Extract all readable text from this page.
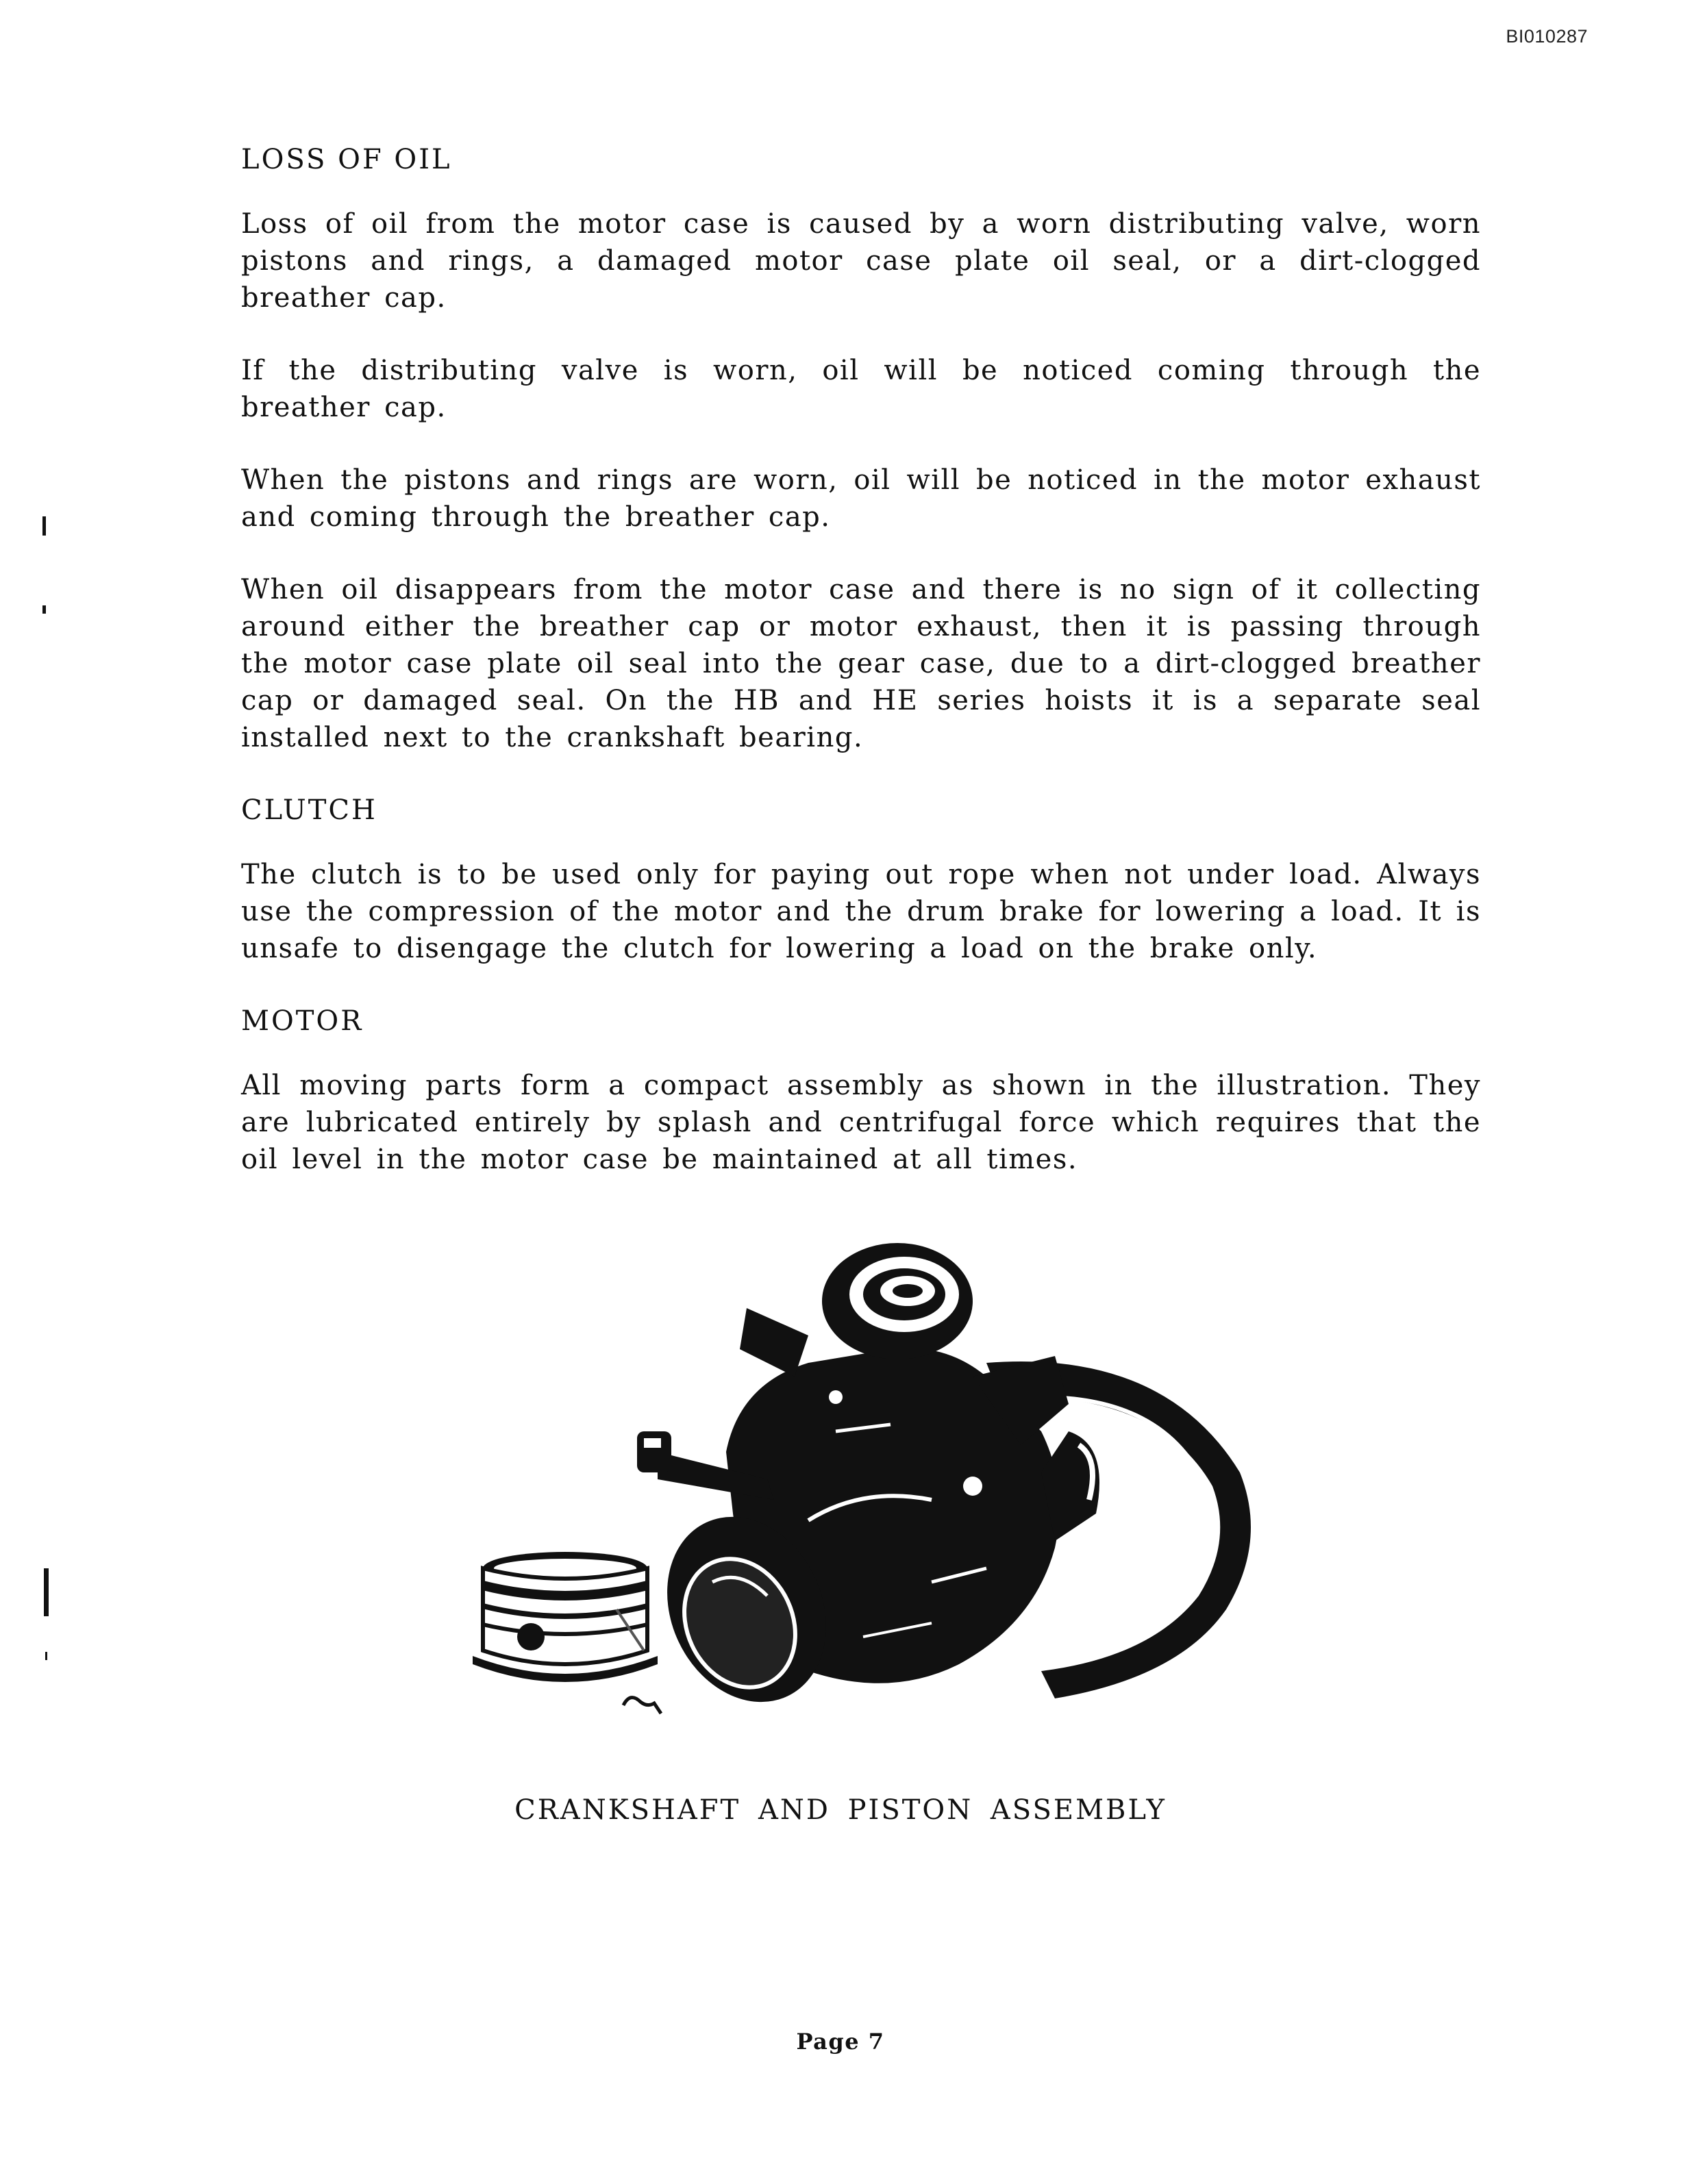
BI010287
LOSS OF OIL

Loss of oil from the motor case is caused by a worn distributing valve, worn pistons and rings, a damaged motor case plate oil seal, or a dirt-clogged breather cap.

If the distributing valve is worn, oil will be noticed coming through the breather cap.

When the pistons and rings are worn, oil will be noticed in the motor exhaust and coming through the breather cap.

When oil disappears from the motor case and there is no sign of it collecting around either the breather cap or motor exhaust, then it is passing through the motor case plate oil seal into the gear case, due to a dirt-clogged breather cap or damaged seal. On the HB and HE series hoists it is a separate seal installed next to the crankshaft bearing.

CLUTCH

The clutch is to be used only for paying out rope when not under load. Always use the compression of the motor and the drum brake for lowering a load. It is unsafe to disengage the clutch for lowering a load on the brake only.

MOTOR

All moving parts form a compact assembly as shown in the illustration. They are lubricated entirely by splash and centrifugal force which requires that the oil level in the motor case be maintained at all times.

CRANKSHAFT AND PISTON ASSEMBLY
Page 7
